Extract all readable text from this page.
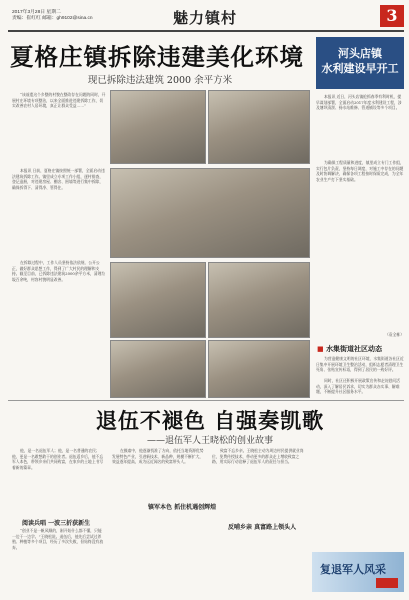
2017年3月28日 星期二
责编：崔红红 邮箱：gh9102@sina.cn	魅力镇村	3
夏格庄镇拆除违建美化环境
现已拆除违法建筑 2000 余平方米

“该前遗这个乡整的村貌在整改存在问题的同时，开展村庄环境专项整治，以来全面推进违建拆除工作，切实改善农村人居环境，真正让群众受益……”

本报讯 日前，夏格庄镇按照统一部署，全面启动违法建筑拆除工作。镇里成立专项工作小组，逐村排查，登记造册，对违建房屋、棚舍、围墙等进行集中拆除，确保拆得下、清得净、管得住。

在拆除过程中，工作人员坚持依法依规、公开公正，做好群众思想工作，得到了广大村民的理解和支持。截至目前，已拆除违法建筑2000余平方米，清理垃圾百余吨，村容村貌明显改善。

河头店镇
水利建设早开工

本报讯 近日，河头店镇抢抓春季有利时机，提早谋划部署，全面启动2017年度水利建设工程，涉及塘坝清淤、扬水站维修、管道铺设等多个项目。

为确保工程质量和进度，镇里成立专门工作组，实行包片负责，坚持每日调度，对施工中存在的问题及时协调解决，确保各项工程按时保质完成，为全年农业生产打下坚实基础。

（袁全栋）
■ 水集街道社区动态

为营造健康文明的社区环境，水集街道各社区近日集中开展环境卫生整治活动，组织志愿者清理卫生死角、张贴宣传标语，得到了居民的一致好评。

同时，社区还积极开展政策宣传和走访慰问活动，深入了解居民诉求，切实为群众办实事、解难题，不断提升社区服务水平。

退伍不褪色 自强奏凯歌
——退伍军人王晓松的创业故事

他，是一名退伍军人；他，是一名普通的农民；他，更是一名敢想敢干的创业者。退伍返乡后，他不忘军人本色，带领乡亲们共同致富，在家乡的土地上书写着新的篇章。

阅读兵唱 一波三折获新生

“创业不是一帆风顺的，刚开始什么都不懂，只能一边干一边学。”王晓松说。退伍后，他先后尝试过养殖、种植等多个项目，经历了多次失败，但始终没有放弃。

镇军本色 抓住机遇创辉煌

在摸索中，他逐渐找准了方向，依托当地资源优势发展特色产业，引进新技术、新品种，规模不断扩大，效益逐年提高，成为远近闻名的致富带头人。

反哺乡亲 真富路上领头人

致富不忘乡亲。王晓松主动为周边村民提供就业岗位，免费传授技术，带动更多的群众走上增收致富之路，用实际行动诠释了退伍军人的责任与担当。

复退军人风采
